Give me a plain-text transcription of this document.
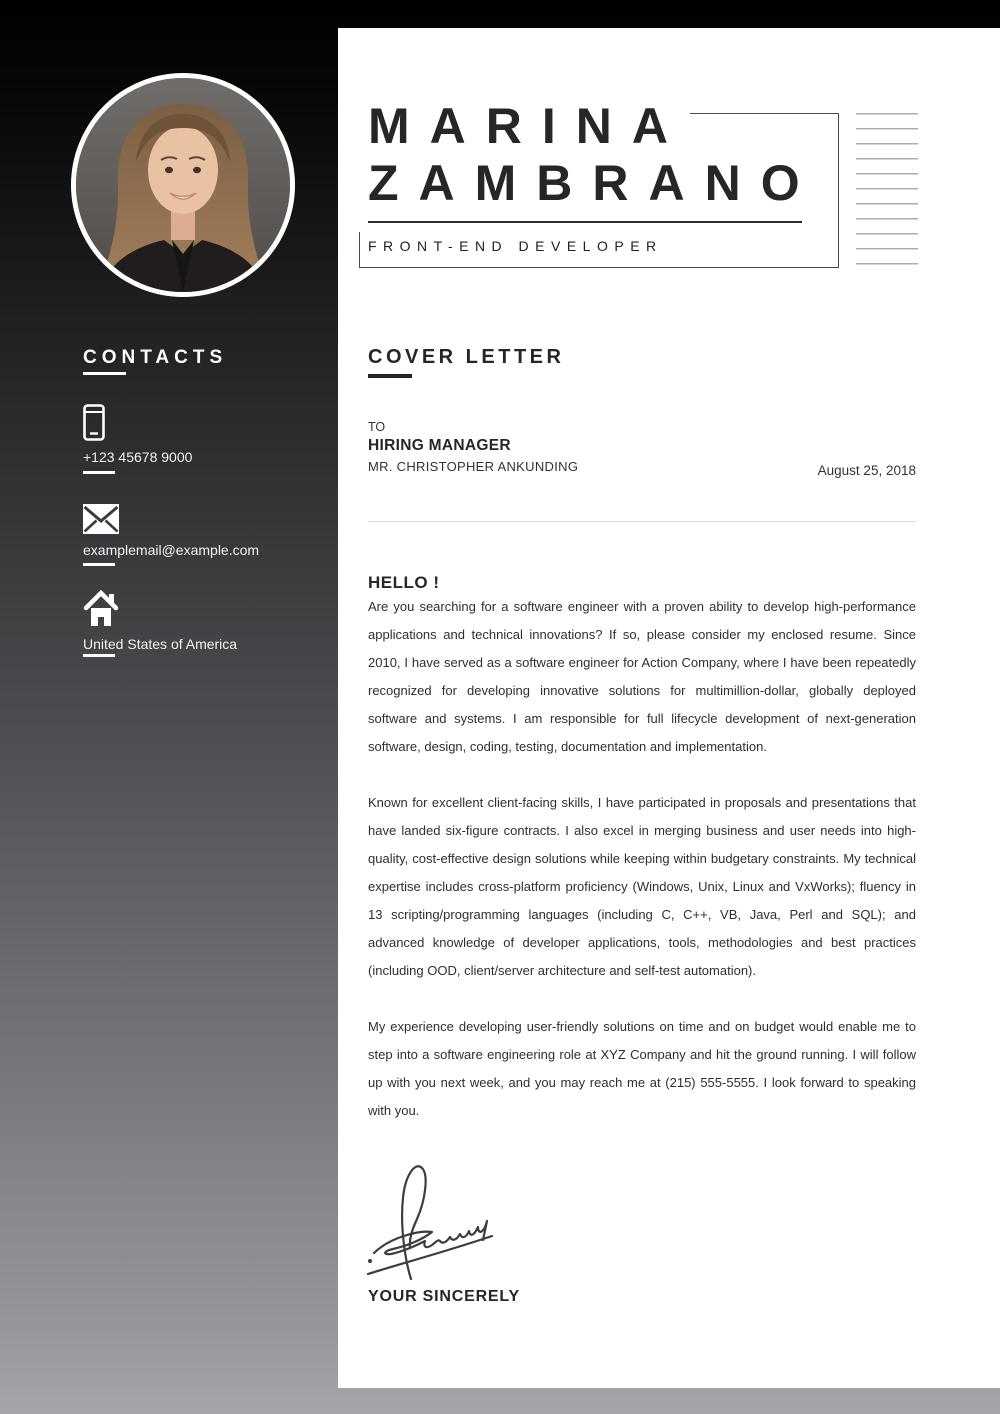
CONTACTS
+123 45678 9000
examplemail@example.com
United States of America
MARINA
ZAMBRANO
FRONT-END DEVELOPER
COVER LETTER
TO
HIRING MANAGER
MR. CHRISTOPHER ANKUNDING	August 25, 2018
HELLO !

Are you searching for a software engineer with a proven ability to develop high-performance applications and technical innovations? If so, please consider my enclosed resume. Since 2010, I have served as a software engineer for Action Company, where I have been repeatedly recognized for developing innovative solutions for multimillion-dollar, globally deployed software and systems. I am responsible for full lifecycle development of next-generation software, design, coding, testing, documentation and implementation.

Known for excellent client-facing skills, I have participated in proposals and presentations that have landed six-figure contracts. I also excel in merging business and user needs into high-quality, cost-effective design solutions while keeping within budgetary constraints. My technical expertise includes cross-platform proficiency (Windows, Unix, Linux and VxWorks); fluency in 13 scripting/programming languages (including C, C++, VB, Java, Perl and SQL); and advanced knowledge of developer applications, tools, methodologies and best practices (including OOD, client/server architecture and self-test automation).

My experience developing user-friendly solutions on time and on budget would enable me to step into a software engineering role at XYZ Company and hit the ground running. I will follow up with you next week, and you may reach me at (215) 555-5555. I look forward to speaking with you.

YOUR SINCERELY
